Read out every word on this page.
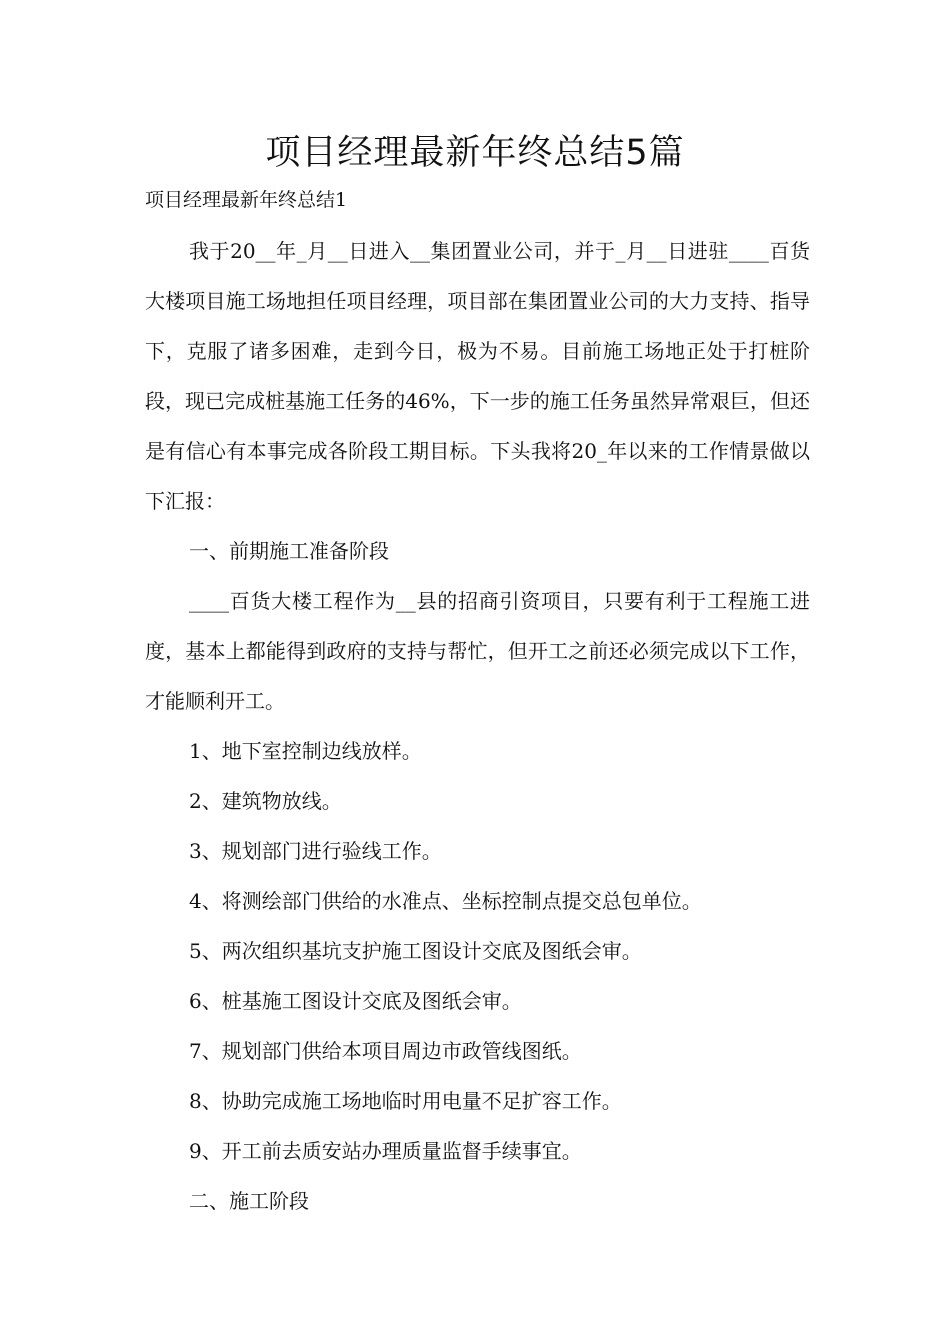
项目经理最新年终总结5篇
项目经理最新年终总结1

我于20__年_月__日进入__集团置业公司，并于_月__日进驻____百货大楼项目施工场地担任项目经理，项目部在集团置业公司的大力支持、指导下，克服了诸多困难，走到今日，极为不易。目前施工场地正处于打桩阶段，现已完成桩基施工任务的46%，下一步的施工任务虽然异常艰巨，但还是有信心有本事完成各阶段工期目标。下头我将20_年以来的工作情景做以下汇报：

一、前期施工准备阶段

____百货大楼工程作为__县的招商引资项目，只要有利于工程施工进度，基本上都能得到政府的支持与帮忙，但开工之前还必须完成以下工作，才能顺利开工。

1、地下室控制边线放样。

2、建筑物放线。

3、规划部门进行验线工作。

4、将测绘部门供给的水准点、坐标控制点提交总包单位。

5、两次组织基坑支护施工图设计交底及图纸会审。

6、桩基施工图设计交底及图纸会审。

7、规划部门供给本项目周边市政管线图纸。

8、协助完成施工场地临时用电量不足扩容工作。

9、开工前去质安站办理质量监督手续事宜。

二、施工阶段
